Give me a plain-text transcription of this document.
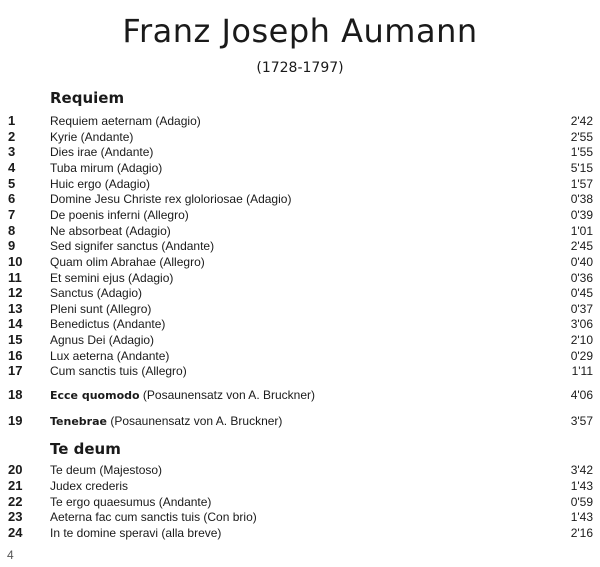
Franz Joseph Aumann
(1728-1797)
Requiem
Te deum
1	Requiem aeternam (Adagio)	2'42
2	Kyrie (Andante)	2'55
3	Dies irae (Andante)	1'55
4	Tuba mirum (Adagio)	5'15
5	Huic ergo (Adagio)	1'57
6	Domine Jesu Christe rex gloloriosae (Adagio)	0'38
7	De poenis inferni (Allegro)	0'39
8	Ne absorbeat (Adagio)	1'01
9	Sed signifer sanctus (Andante)	2'45
10 Quam olim Abrahae (Allegro)	0'40
11 Et semini ejus (Adagio)	0'36
12 Sanctus (Adagio)	0'45
13 Pleni sunt (Allegro)	0'37
14 Benedictus (Andante)	3'06
15 Agnus Dei (Adagio)	2'10
16 Lux aeterna (Andante)	0'29
17 Cum sanctis tuis (Allegro)	1'11
18	Ecce quomodo (Posaunensatz von A. Bruckner)	4'06
19	Tenebrae (Posaunensatz von A. Bruckner)	3'57
20 Te deum (Majestoso)	3'42
21 Judex crederis	1'43
22 Te ergo quaesumus (Andante)	0'59
23 Aeterna fac cum sanctis tuis (Con brio)	1'43
24 In te domine speravi (alla breve)	2'16
4
